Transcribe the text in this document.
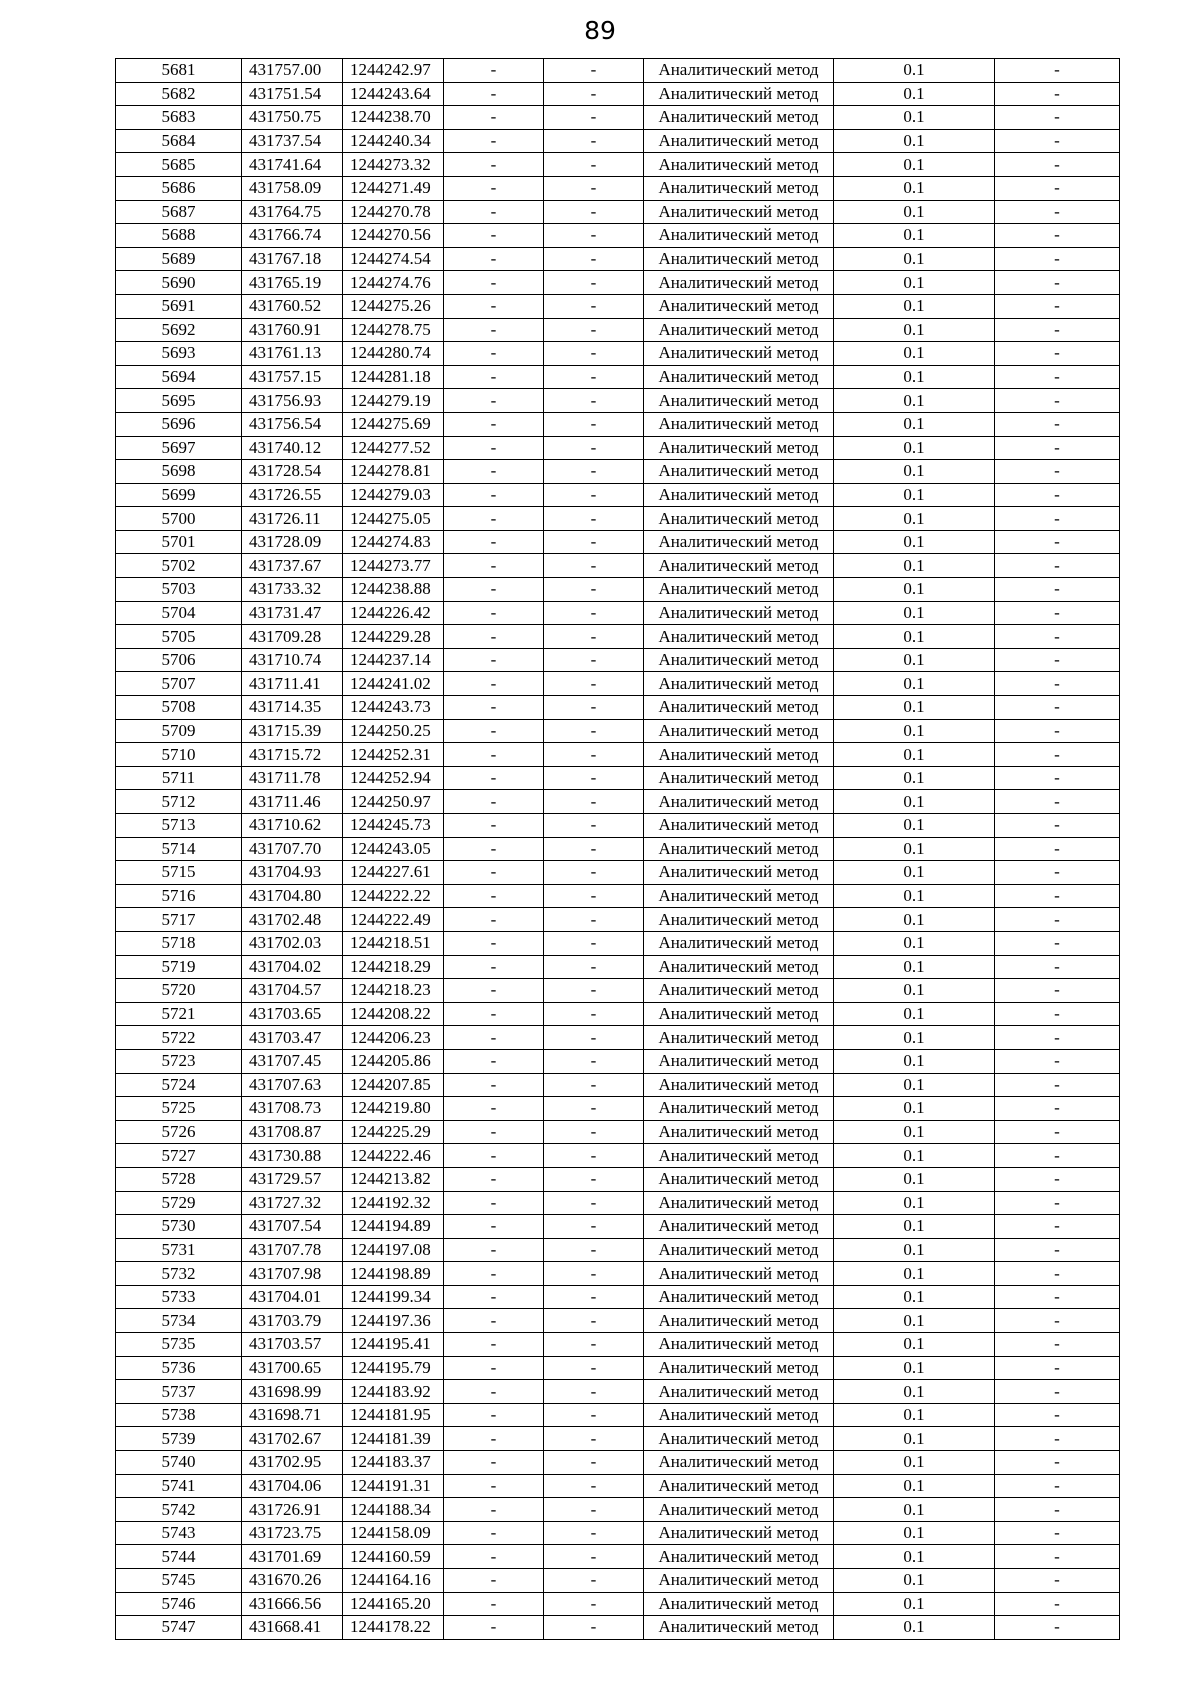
89
5681	431757.00	1244242.97	-	-	Аналитический метод	0.1	-
5682	431751.54	1244243.64	-	-	Аналитический метод	0.1	-
5683	431750.75	1244238.70	-	-	Аналитический метод	0.1	-
5684	431737.54	1244240.34	-	-	Аналитический метод	0.1	-
5685	431741.64	1244273.32	-	-	Аналитический метод	0.1	-
5686	431758.09	1244271.49	-	-	Аналитический метод	0.1	-
5687	431764.75	1244270.78	-	-	Аналитический метод	0.1	-
5688	431766.74	1244270.56	-	-	Аналитический метод	0.1	-
5689	431767.18	1244274.54	-	-	Аналитический метод	0.1	-
5690	431765.19	1244274.76	-	-	Аналитический метод	0.1	-
5691	431760.52	1244275.26	-	-	Аналитический метод	0.1	-
5692	431760.91	1244278.75	-	-	Аналитический метод	0.1	-
5693	431761.13	1244280.74	-	-	Аналитический метод	0.1	-
5694	431757.15	1244281.18	-	-	Аналитический метод	0.1	-
5695	431756.93	1244279.19	-	-	Аналитический метод	0.1	-
5696	431756.54	1244275.69	-	-	Аналитический метод	0.1	-
5697	431740.12	1244277.52	-	-	Аналитический метод	0.1	-
5698	431728.54	1244278.81	-	-	Аналитический метод	0.1	-
5699	431726.55	1244279.03	-	-	Аналитический метод	0.1	-
5700	431726.11	1244275.05	-	-	Аналитический метод	0.1	-
5701	431728.09	1244274.83	-	-	Аналитический метод	0.1	-
5702	431737.67	1244273.77	-	-	Аналитический метод	0.1	-
5703	431733.32	1244238.88	-	-	Аналитический метод	0.1	-
5704	431731.47	1244226.42	-	-	Аналитический метод	0.1	-
5705	431709.28	1244229.28	-	-	Аналитический метод	0.1	-
5706	431710.74	1244237.14	-	-	Аналитический метод	0.1	-
5707	431711.41	1244241.02	-	-	Аналитический метод	0.1	-
5708	431714.35	1244243.73	-	-	Аналитический метод	0.1	-
5709	431715.39	1244250.25	-	-	Аналитический метод	0.1	-
5710	431715.72	1244252.31	-	-	Аналитический метод	0.1	-
5711	431711.78	1244252.94	-	-	Аналитический метод	0.1	-
5712	431711.46	1244250.97	-	-	Аналитический метод	0.1	-
5713	431710.62	1244245.73	-	-	Аналитический метод	0.1	-
5714	431707.70	1244243.05	-	-	Аналитический метод	0.1	-
5715	431704.93	1244227.61	-	-	Аналитический метод	0.1	-
5716	431704.80	1244222.22	-	-	Аналитический метод	0.1	-
5717	431702.48	1244222.49	-	-	Аналитический метод	0.1	-
5718	431702.03	1244218.51	-	-	Аналитический метод	0.1	-
5719	431704.02	1244218.29	-	-	Аналитический метод	0.1	-
5720	431704.57	1244218.23	-	-	Аналитический метод	0.1	-
5721	431703.65	1244208.22	-	-	Аналитический метод	0.1	-
5722	431703.47	1244206.23	-	-	Аналитический метод	0.1	-
5723	431707.45	1244205.86	-	-	Аналитический метод	0.1	-
5724	431707.63	1244207.85	-	-	Аналитический метод	0.1	-
5725	431708.73	1244219.80	-	-	Аналитический метод	0.1	-
5726	431708.87	1244225.29	-	-	Аналитический метод	0.1	-
5727	431730.88	1244222.46	-	-	Аналитический метод	0.1	-
5728	431729.57	1244213.82	-	-	Аналитический метод	0.1	-
5729	431727.32	1244192.32	-	-	Аналитический метод	0.1	-
5730	431707.54	1244194.89	-	-	Аналитический метод	0.1	-
5731	431707.78	1244197.08	-	-	Аналитический метод	0.1	-
5732	431707.98	1244198.89	-	-	Аналитический метод	0.1	-
5733	431704.01	1244199.34	-	-	Аналитический метод	0.1	-
5734	431703.79	1244197.36	-	-	Аналитический метод	0.1	-
5735	431703.57	1244195.41	-	-	Аналитический метод	0.1	-
5736	431700.65	1244195.79	-	-	Аналитический метод	0.1	-
5737	431698.99	1244183.92	-	-	Аналитический метод	0.1	-
5738	431698.71	1244181.95	-	-	Аналитический метод	0.1	-
5739	431702.67	1244181.39	-	-	Аналитический метод	0.1	-
5740	431702.95	1244183.37	-	-	Аналитический метод	0.1	-
5741	431704.06	1244191.31	-	-	Аналитический метод	0.1	-
5742	431726.91	1244188.34	-	-	Аналитический метод	0.1	-
5743	431723.75	1244158.09	-	-	Аналитический метод	0.1	-
5744	431701.69	1244160.59	-	-	Аналитический метод	0.1	-
5745	431670.26	1244164.16	-	-	Аналитический метод	0.1	-
5746	431666.56	1244165.20	-	-	Аналитический метод	0.1	-
5747	431668.41	1244178.22	-	-	Аналитический метод	0.1	-
